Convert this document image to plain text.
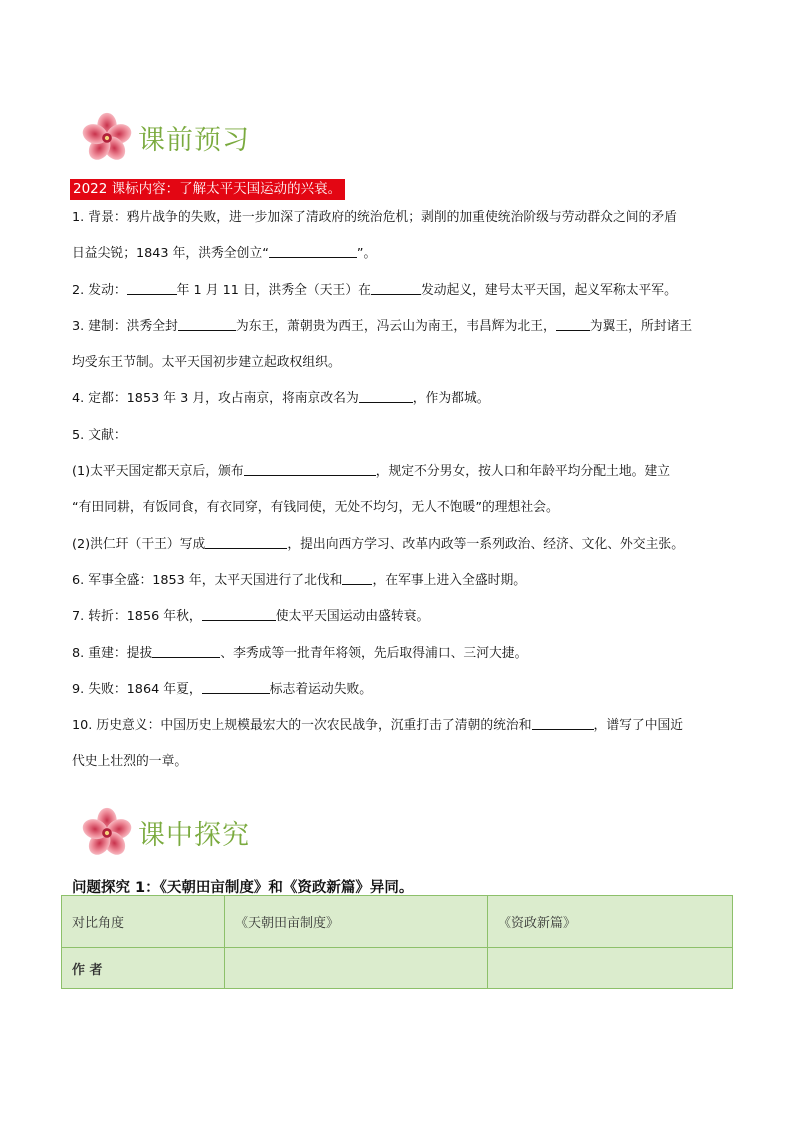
课前预习
2022 课标内容：了解太平天国运动的兴衰。
1. 背景：鸦片战争的失败，进一步加深了清政府的统治危机；剥削的加重使统治阶级与劳动群众之间的矛盾
日益尖锐；1843 年，洪秀全创立“	”。
2. 发动：	年 1 月 11 日，洪秀全（天王）在	发动起义，建号太平天国，起义军称太平军。
3. 建制：洪秀全封	为东王，萧朝贵为西王，冯云山为南王，韦昌辉为北王，	为翼王，所封诸王
均受东王节制。太平天国初步建立起政权组织。
4. 定都：1853 年 3 月，攻占南京，将南京改名为	，作为都城。
5. 文献：
(1)太平天国定都天京后，颁布	，规定不分男女，按人口和年龄平均分配土地。建立
“有田同耕，有饭同食，有衣同穿，有钱同使，无处不均匀，无人不饱暖”的理想社会。
(2)洪仁玕（干王）写成	，提出向西方学习、改革内政等一系列政治、经济、文化、外交主张。
6. 军事全盛：1853 年，太平天国进行了北伐和 ，在军事上进入全盛时期。
7. 转折：1856 年秋，	使太平天国运动由盛转衰。
8. 重建：提拔	、李秀成等一批青年将领，先后取得浦口、三河大捷。
9. 失败：1864 年夏，	标志着运动失败。
10. 历史意义：中国历史上规模最宏大的一次农民战争，沉重打击了清朝的统治和	，谱写了中国近
代史上壮烈的一章。
课中探究
问题探究 1：《天朝田亩制度》和《资政新篇》异同。
对比角度	《天朝田亩制度》	《资政新篇》
作 者		
